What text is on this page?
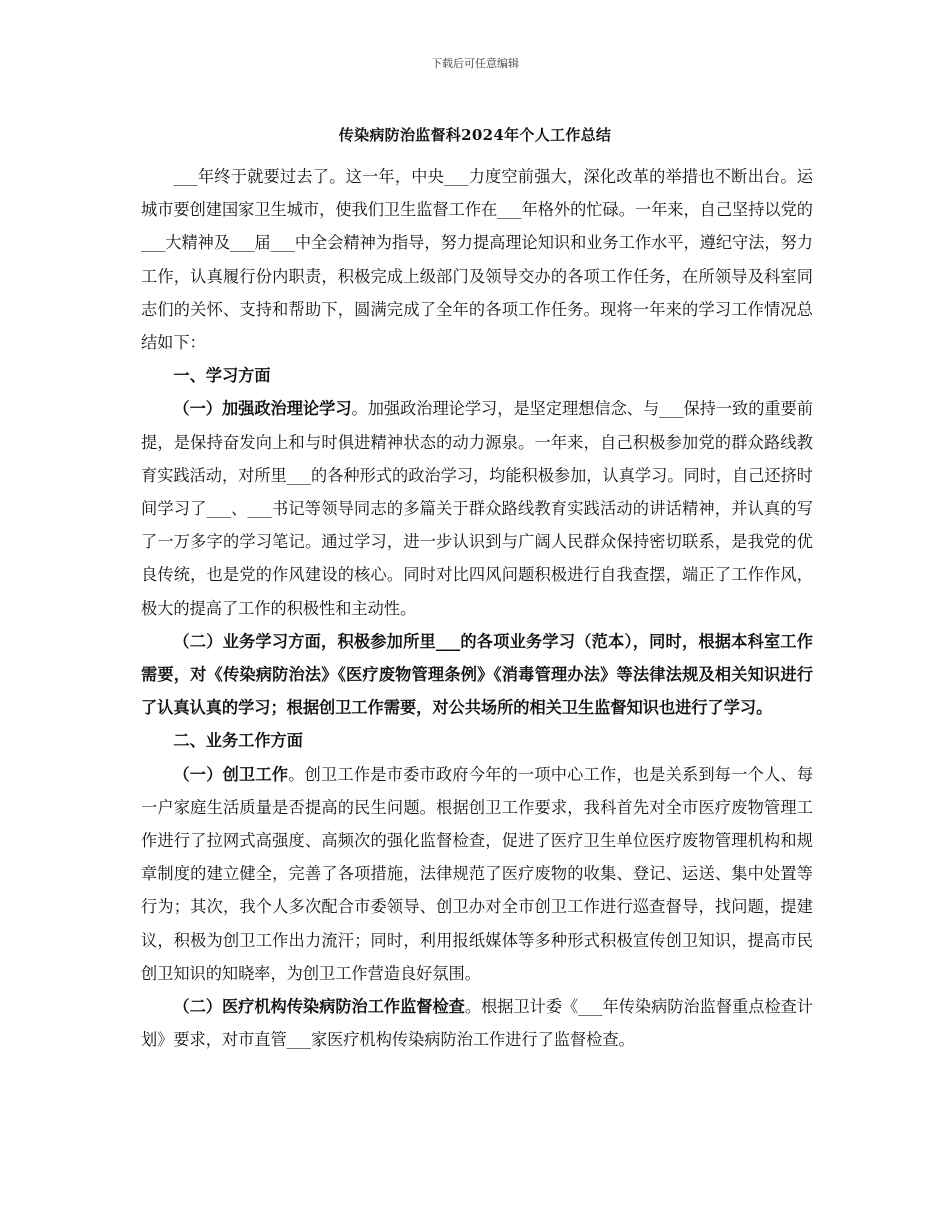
下载后可任意编辑
传染病防治监督科2024年个人工作总结

___年终于就要过去了。这一年，中央___力度空前强大，深化改革的举措也不断出台。运城市要创建国家卫生城市，使我们卫生监督工作在___年格外的忙碌。一年来，自己坚持以党的___大精神及___届___中全会精神为指导，努力提高理论知识和业务工作水平，遵纪守法，努力工作，认真履行份内职责，积极完成上级部门及领导交办的各项工作任务，在所领导及科室同志们的关怀、支持和帮助下，圆满完成了全年的各项工作任务。现将一年来的学习工作情况总结如下：

一、学习方面

（一）加强政治理论学习。加强政治理论学习，是坚定理想信念、与___保持一致的重要前提，是保持奋发向上和与时俱进精神状态的动力源泉。一年来，自己积极参加党的群众路线教育实践活动，对所里___的各种形式的政治学习，均能积极参加，认真学习。同时，自己还挤时间学习了___、___书记等领导同志的多篇关于群众路线教育实践活动的讲话精神，并认真的写了一万多字的学习笔记。通过学习，进一步认识到与广阔人民群众保持密切联系，是我党的优良传统，也是党的作风建设的核心。同时对比四风问题积极进行自我查摆，端正了工作作风，极大的提高了工作的积极性和主动性。

（二）业务学习方面，积极参加所里___的各项业务学习（范本），同时，根据本科室工作需要，对《传染病防治法》《医疗废物管理条例》《消毒管理办法》等法律法规及相关知识进行了认真认真的学习；根据创卫工作需要，对公共场所的相关卫生监督知识也进行了学习。

二、业务工作方面

（一）创卫工作。创卫工作是市委市政府今年的一项中心工作，也是关系到每一个人、每一户家庭生活质量是否提高的民生问题。根据创卫工作要求，我科首先对全市医疗废物管理工作进行了拉网式高强度、高频次的强化监督检查，促进了医疗卫生单位医疗废物管理机构和规章制度的建立健全，完善了各项措施，法律规范了医疗废物的收集、登记、运送、集中处置等行为；其次，我个人多次配合市委领导、创卫办对全市创卫工作进行巡查督导，找问题，提建议，积极为创卫工作出力流汗；同时，利用报纸媒体等多种形式积极宣传创卫知识，提高市民创卫知识的知晓率，为创卫工作营造良好氛围。

（二）医疗机构传染病防治工作监督检查。根据卫计委《___年传染病防治监督重点检查计划》要求，对市直管___家医疗机构传染病防治工作进行了监督检查。
